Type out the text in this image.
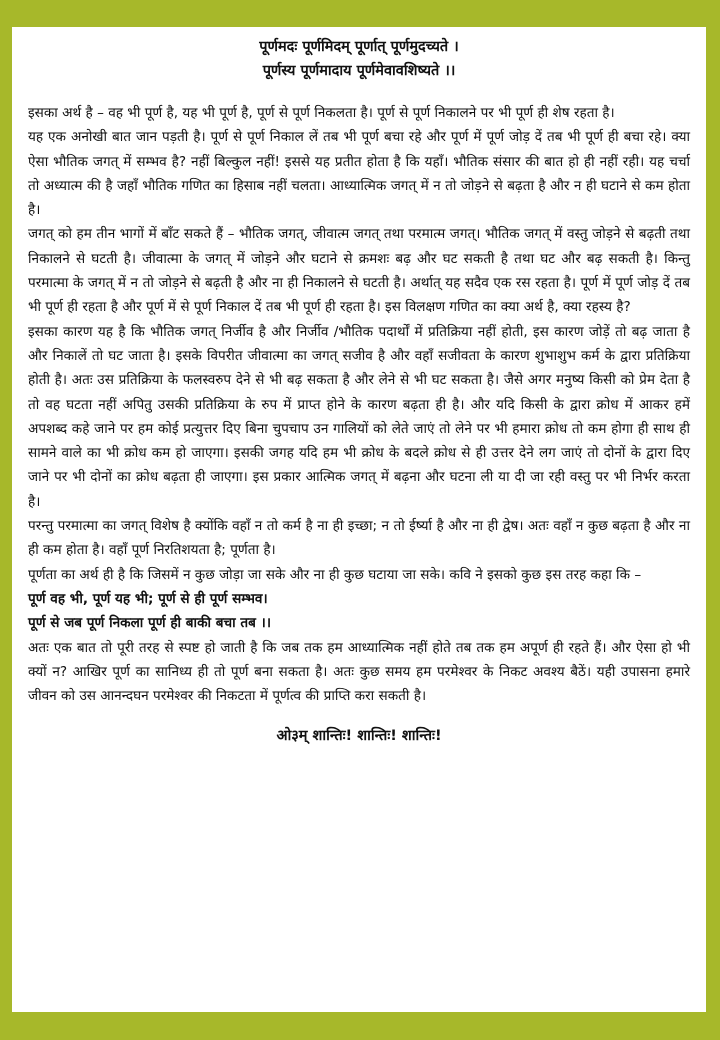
पूर्णमदः पूर्णमिदम् पूर्णात् पूर्णमुदच्यते ।

पूर्णस्य पूर्णमादाय पूर्णमेवावशिष्यते ।।

इसका अर्थ है – वह भी पूर्ण है, यह भी पूर्ण है, पूर्ण से पूर्ण निकलता है। पूर्ण से पूर्ण निकालने पर भी पूर्ण ही शेष रहता है।

यह एक अनोखी बात जान पड़ती है। पूर्ण से पूर्ण निकाल लें तब भी पूर्ण बचा रहे और पूर्ण में पूर्ण जोड़ दें तब भी पूर्ण ही बचा रहे। क्या ऐसा भौतिक जगत् में सम्भव है? नहीं बिल्कुल नहीं! इससे यह प्रतीत होता है कि यहाँ। भौतिक संसार की बात हो ही नहीं रही। यह चर्चा तो अध्यात्म की है जहाँ भौतिक गणित का हिसाब नहीं चलता। आध्यात्मिक जगत् में न तो जोड़ने से बढ़ता है और न ही घटाने से कम होता है।

जगत् को हम तीन भागों में बाँट सकते हैं – भौतिक जगत्, जीवात्म जगत् तथा परमात्म जगत्। भौतिक जगत् में वस्तु जोड़ने से बढ़ती तथा निकालने से घटती है। जीवात्मा के जगत् में जोड़ने और घटाने से क्रमशः बढ़ और घट सकती है तथा घट और बढ़ सकती है। किन्तु परमात्मा के जगत् में न तो जोड़ने से बढ़ती है और ना ही निकालने से घटती है। अर्थात् यह सदैव एक रस रहता है। पूर्ण में पूर्ण जोड़ दें तब भी पूर्ण ही रहता है और पूर्ण में से पूर्ण निकाल दें तब भी पूर्ण ही रहता है। इस विलक्षण गणित का क्या अर्थ है, क्या रहस्य है?

इसका कारण यह है कि भौतिक जगत् निर्जीव है और निर्जीव /भौतिक पदार्थों में प्रतिक्रिया नहीं होती, इस कारण जोड़ें तो बढ़ जाता है और निकालें तो घट जाता है। इसके विपरीत जीवात्मा का जगत् सजीव है और वहाँ सजीवता के कारण शुभाशुभ कर्म के द्वारा प्रतिक्रिया होती है। अतः उस प्रतिक्रिया के फलस्वरुप देने से भी बढ़ सकता है और लेने से भी घट सकता है। जैसे अगर मनुष्य किसी को प्रेम देता है तो वह घटता नहीं अपितु उसकी प्रतिक्रिया के रुप में प्राप्त होने के कारण बढ़ता ही है। और यदि किसी के द्वारा क्रोध में आकर हमें अपशब्द कहे जाने पर हम कोई प्रत्युत्तर दिए बिना चुपचाप उन गालियों को लेते जाएं तो लेने पर भी हमारा क्रोध तो कम होगा ही साथ ही सामने वाले का भी क्रोध कम हो जाएगा। इसकी जगह यदि हम भी क्रोध के बदले क्रोध से ही उत्तर देने लग जाएं तो दोनों के द्वारा दिए जाने पर भी दोनों का क्रोध बढ़ता ही जाएगा। इस प्रकार आत्मिक जगत् में बढ़ना और घटना ली या दी जा रही वस्तु पर भी निर्भर करता है।

परन्तु परमात्मा का जगत् विशेष है क्योंकि वहाँ न तो कर्म है ना ही इच्छा; न तो ईर्ष्या है और ना ही द्वेष। अतः वहाँ न कुछ बढ़ता है और ना ही कम होता है। वहाँ पूर्ण निरतिशयता है; पूर्णता है।

पूर्णता का अर्थ ही है कि जिसमें न कुछ जोड़ा जा सके और ना ही कुछ घटाया जा सके। कवि ने इसको कुछ इस तरह कहा कि –

पूर्ण वह भी, पूर्ण यह भी; पूर्ण से ही पूर्ण सम्भव।

पूर्ण से जब पूर्ण निकला पूर्ण ही बाकी बचा तब ।।

अतः एक बात तो पूरी तरह से स्पष्ट हो जाती है कि जब तक हम आध्यात्मिक नहीं होते तब तक हम अपूर्ण ही रहते हैं। और ऐसा हो भी क्यों न? आखिर पूर्ण का सानिध्य ही तो पूर्ण बना सकता है। अतः कुछ समय हम परमेश्वर के निकट अवश्य बैठें। यही उपासना हमारे जीवन को उस आनन्दघन परमेश्वर की निकटता में पूर्णत्व की प्राप्ति करा सकती है।

ओ३म् शान्तिः! शान्तिः! शान्तिः!
